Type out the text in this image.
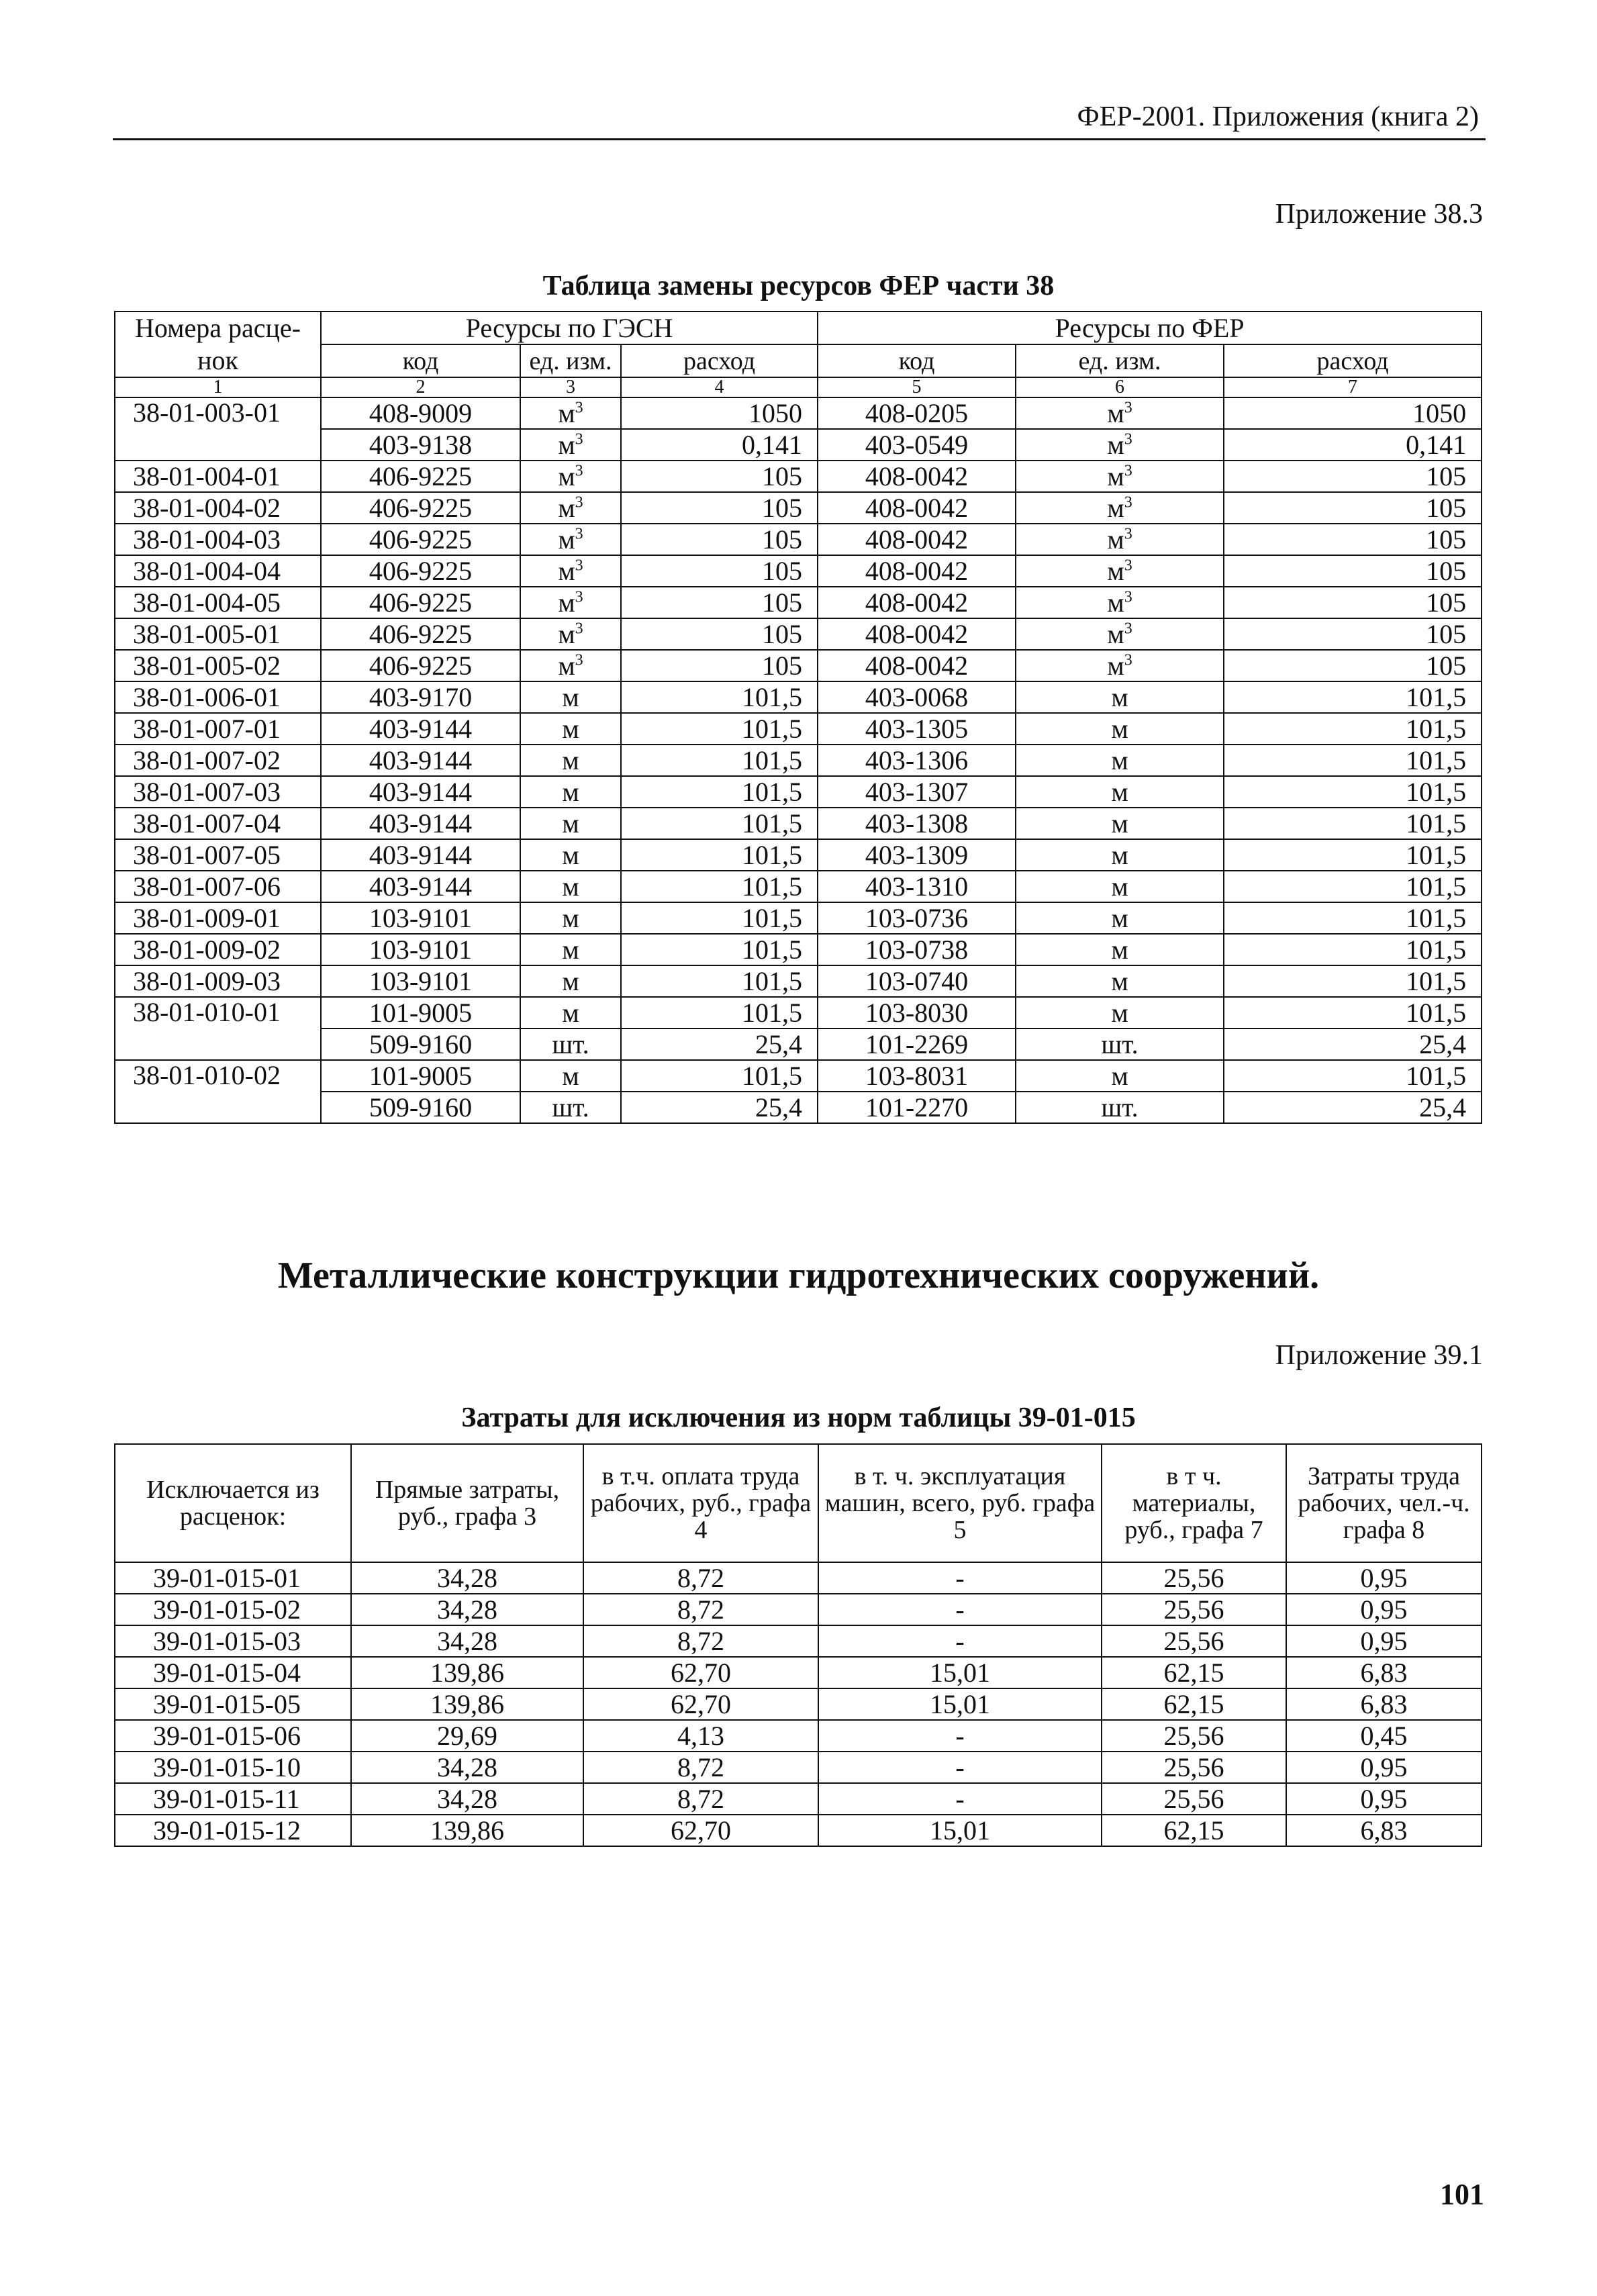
ФЕР-2001. Приложения (книга 2)
Приложение 38.3
Таблица замены ресурсов ФЕР части 38
Номера расце-нок	Ресурсы по ГЭСН			Ресурсы по ФЕР		
	код	ед. изм.	расход	код	ед. изм.	расход
1	2	3	4	5	6	7
38-01-003-01	408-9009	$м^3$	1050	408-0205	$м^3$	1050
	403-9138	$м^3$	0,141	403-0549	$м^3$	0,141
38-01-004-01	406-9225	$м^3$	105	408-0042	$м^3$	105
38-01-004-02	406-9225	$м^3$	105	408-0042	$м^3$	105
38-01-004-03	406-9225	$м^3$	105	408-0042	$м^3$	105
38-01-004-04	406-9225	$м^3$	105	408-0042	$м^3$	105
38-01-004-05	406-9225	$м^3$	105	408-0042	$м^3$	105
38-01-005-01	406-9225	$м^3$	105	408-0042	$м^3$	105
38-01-005-02	406-9225	$м^3$	105	408-0042	$м^3$	105
38-01-006-01	403-9170	м	101,5	403-0068	м	101,5
38-01-007-01	403-9144	м	101,5	403-1305	м	101,5
38-01-007-02	403-9144	м	101,5	403-1306	м	101,5
38-01-007-03	403-9144	м	101,5	403-1307	м	101,5
38-01-007-04	403-9144	м	101,5	403-1308	м	101,5
38-01-007-05	403-9144	м	101,5	403-1309	м	101,5
38-01-007-06	403-9144	м	101,5	403-1310	м	101,5
38-01-009-01	103-9101	м	101,5	103-0736	м	101,5
38-01-009-02	103-9101	м	101,5	103-0738	м	101,5
38-01-009-03	103-9101	м	101,5	103-0740	м	101,5
38-01-010-01	101-9005	м	101,5	103-8030	м	101,5
	509-9160	шт.	25,4	101-2269	шт.	25,4
38-01-010-02	101-9005	м	101,5	103-8031	м	101,5
	509-9160	шт.	25,4	101-2270	шт.	25,4
Металлические конструкции гидротехнических сооружений.
Приложение 39.1
Затраты для исключения из норм таблицы 39-01-015
Исключается из расценок:	Прямые затраты, руб., графа 3	в т.ч. оплата труда рабочих, руб., графа 4	в т. ч. эксплуатация машин, всего, руб. графа 5	в т ч. материалы, руб., графа 7	Затраты труда рабочих, чел.-ч. графа 8
39-01-015-01	34,28	8,72	-	25,56	0,95
39-01-015-02	34,28	8,72	-	25,56	0,95
39-01-015-03	34,28	8,72	-	25,56	0,95
39-01-015-04	139,86	62,70	15,01	62,15	6,83
39-01-015-05	139,86	62,70	15,01	62,15	6,83
39-01-015-06	29,69	4,13	-	25,56	0,45
39-01-015-10	34,28	8,72	-	25,56	0,95
39-01-015-11	34,28	8,72	-	25,56	0,95
39-01-015-12	139,86	62,70	15,01	62,15	6,83
101
